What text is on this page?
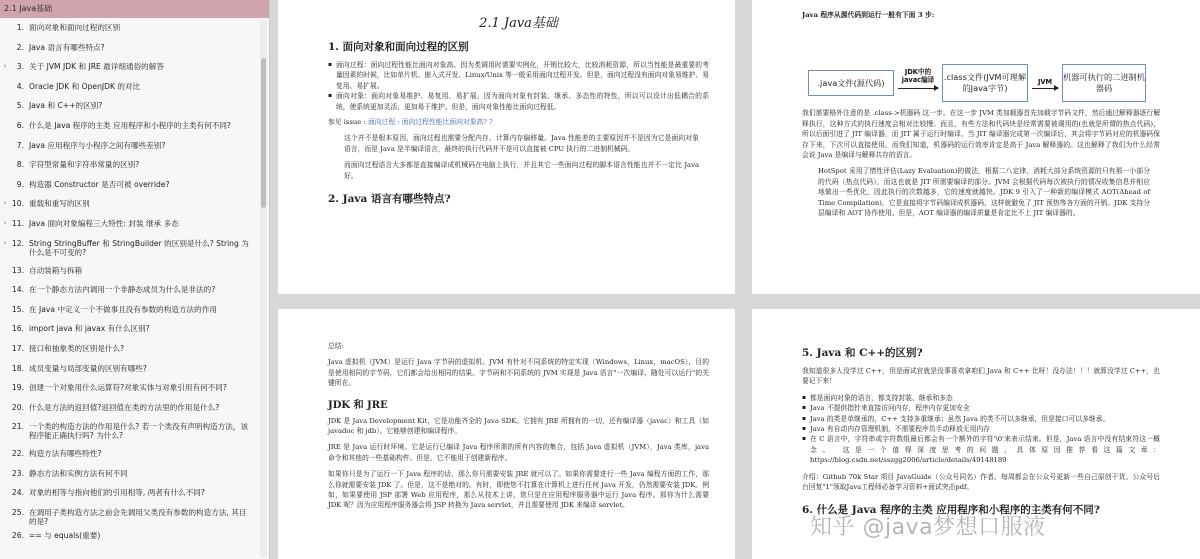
2.1 Java基础
1. 面向对象和面向过程的区别
2. Java 语言有哪些特点?
›	3. 关于 JVM JDK 和 JRE 最详细通俗的解答
4. Oracle JDK 和 OpenJDK 的对比
5. Java 和 C++的区别?
6. 什么是 Java 程序的主类 应用程序和小程序的主类有何不同?
7. Java 应用程序与小程序之间有哪些差别?
8. 字符型常量和字符串常量的区别?
9. 构造器 Constructor 是否可被 override?
› 10. 重载和重写的区别
› 11. Java 面向对象编程三大特性: 封装 继承 多态
› 12. String StringBuffer 和 StringBuilder 的区别是什么? String 为什么是不可变的?
13. 自动装箱与拆箱
14. 在一个静态方法内调用一个非静态成员为什么是非法的?
15. 在 Java 中定义一个不做事且没有参数的构造方法的作用
16. import java 和 javax 有什么区别?
17. 接口和抽象类的区别是什么?
18. 成员变量与局部变量的区别有哪些?
19. 创建一个对象用什么运算符?对象实体与对象引用有何不同?
20. 什么是方法的返回值?返回值在类的方法里的作用是什么?
21. 一个类的构造方法的作用是什么? 若一个类没有声明构造方法，该程序能正确执行吗? 为什么?
22. 构造方法有哪些特性?
23. 静态方法和实例方法有何不同
24. 对象的相等与指向他们的引用相等, 两者有什么不同?
25. 在调用子类构造方法之前会先调用父类没有参数的构造方法, 其目的是?
26. == 与 equals(重要)
2.1 Java基础
1. 面向对象和面向过程的区别
▪ 面向过程：面向过程性能比面向对象高。因为类调用时需要实例化，开销比较大，比较消耗资源，所以当性能是最重要的考量因素的时候，比如单片机、嵌入式开发、Linux/Unix 等一般采用面向过程开发。但是，面向过程没有面向对象易维护、易复用、易扩展。
▪ 面向对象：面向对象易维护、易复用、易扩展。因为面向对象有封装、继承、多态性的特性，所以可以设计出低耦合的系统，使系统更加灵活、更加易于维护。但是，面向对象性能比面向过程低。
参见 issue : 面向过程 : 面向过程性能比面向对象高? ?
这个并不是根本原因，面向过程也需要分配内存，计算内存偏移量。Java 性能差的主要原因并不是因为它是面向对象语言，而是 Java 是半编译语言，最终的执行代码并不是可以直接被 CPU 执行的二进制机械码。
而面向过程语言大多都是直接编译成机械码在电脑上执行，并且其它一些面向过程的脚本语言性能也并不一定比 Java 好。
2. Java 语言有哪些特点?
Java 程序从源代码到运行一般有下面 3 步:
.java文件(源代码)
JDK中的
javac编译	.class文件(JVM可理解的Java字节)
JVM	机器可执行的二进制机器码
我们需要格外注意的是 .class->机器码 这一步。在这一步 JVM 类加载器首先加载字节码文件，然后通过解释器逐行解释执行，这种方式的执行速度会相对比较慢。而且，有些方法和代码块是经常需要被调用的(也就是所谓的热点代码)，所以后面引进了 JIT 编译器，而 JIT 属于运行时编译。当 JIT 编译器完成第一次编译后，其会将字节码对应的机器码保存下来，下次可以直接使用。而我们知道，机器码的运行效率肯定是高于 Java 解释器的。这也解释了我们为什么经常会说 Java 是编译与解释共存的语言。
HotSpot 采用了惰性评估(Lazy Evaluation)的做法，根据二八定律，消耗大部分系统资源的只有那一小部分的代码（热点代码），而这也就是 JIT 所需要编译的部分。JVM 会根据代码每次被执行的情况收集信息并相应地做出一些优化，因此执行的次数越多，它的速度就越快。JDK 9 引入了一种新的编译模式 AOT(Ahead of Time Compilation)，它是直接将字节码编译成机器码，这样就避免了 JIT 预热等各方面的开销。JDK 支持分层编译和 AOT 协作使用。但是，AOT 编译器的编译质量是肯定比不上 JIT 编译器的。
总结:
Java 虚拟机（JVM）是运行 Java 字节码的虚拟机。JVM 有针对不同系统的特定实现（Windows，Linux，macOS），目的是使用相同的字节码，它们都会给出相同的结果。字节码和不同系统的 JVM 实现是 Java 语言"一次编译，随处可以运行"的关键所在。
JDK 和 JRE
JDK 是 Java Development Kit，它是功能齐全的 Java SDK。它拥有 JRE 所拥有的一切，还有编译器（javac）和工具（如 javadoc 和 jdb）。它能够创建和编译程序。
JRE 是 Java 运行时环境。它是运行已编译 Java 程序所需的所有内容的集合，包括 Java 虚拟机（JVM），Java 类库，java 命令和其他的一些基础构件。但是，它不能用于创建新程序。
如果你只是为了运行一下 Java 程序的话，那么你只需要安装 JRE 就可以了。如果你需要进行一些 Java 编程方面的工作，那么你就需要安装 JDK 了。但是，这不是绝对的。有时，即使您不打算在计算机上进行任何 Java 开发，仍然需要安装 JDK。例如，如果要使用 JSP 部署 Web 应用程序，那么从技术上讲，您只是在应用程序服务器中运行 Java 程序。那你为什么需要 JDK 呢？因为应用程序服务器会将 JSP 转换为 Java servlet，并且需要使用 JDK 来编译 servlet。
5. Java 和 C++的区别?
我知道很多人没学过 C++，但是面试官就是没事喜欢拿咱们 Java 和 C++ 比呀！没办法！！！就算没学过 C++，也要记下来！
▪ 都是面向对象的语言，都支持封装、继承和多态
▪ Java 不提供指针来直接访问内存，程序内存更加安全
▪ Java 的类是单继承的，C++ 支持多重继承；虽然 Java 的类不可以多继承，但是接口可以多继承。
▪ Java 有自动内存管理机制，不需要程序员手动释放无用内存
▪ 在 C 语言中，字符串或字符数组最后都会有一个额外的字符'\0'来表示结束。但是，Java 语言中没有结束符这一概念。 这是一个值得深度思考的问题，具体原因推荐看这篇文章： https://blog.csdn.net/sszgg2006/article/details/49148189
介绍：Github 70k Star 项目 JavaGuide（公众号同名）作者。每周都会在公众号更新一些自己原创干货。公众号后台回复"1"领取Java工程师必备学习资料+面试突击pdf。
6. 什么是 Java 程序的主类 应用程序和小程序的主类有何不同?
知乎 @java梦想口服液
